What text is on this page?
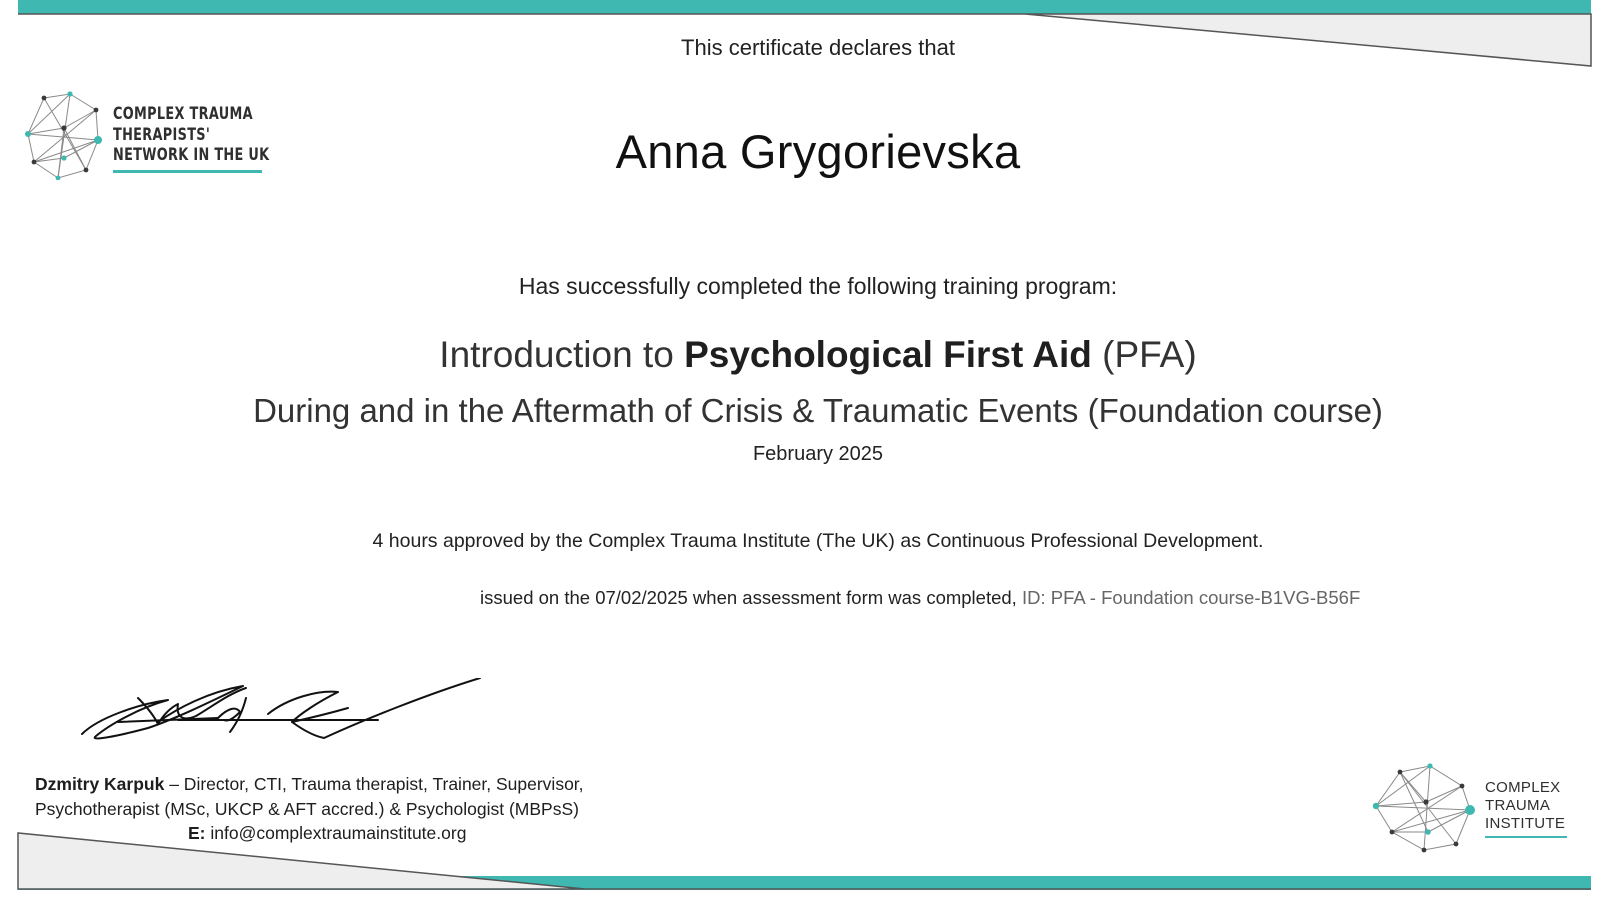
COMPLEX TRAUMA
THERAPISTS'
NETWORK IN THE UK
This certificate declares that
Anna Grygorievska
Has successfully completed the following training program:
Introduction to Psychological First Aid (PFA)
During and in the Aftermath of Crisis & Traumatic Events (Foundation course)
February 2025
4 hours approved by the Complex Trauma Institute (The UK) as Continuous Professional Development.
issued on the 07/02/2025 when assessment form was completed, ID: PFA - Foundation course-B1VG-B56F
Dzmitry Karpuk – Director, CTI, Trauma therapist, Trainer, Supervisor,
Psychotherapist (MSc, UKCP & AFT accred.) & Psychologist (MBPsS)
E: info@complextraumainstitute.org
COMPLEX
TRAUMA
INSTITUTE
